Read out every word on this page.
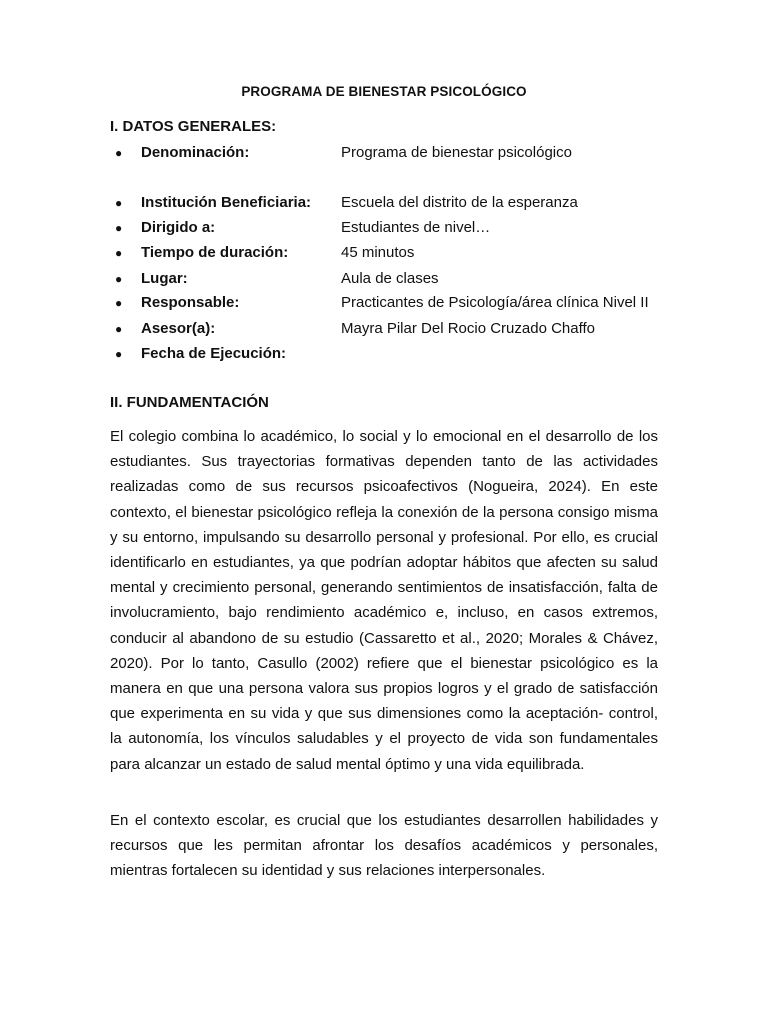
PROGRAMA DE BIENESTAR PSICOLÓGICO
I. DATOS GENERALES:
● Denominación:	Programa de bienestar psicológico
● Institución Beneficiaria: Escuela del distrito de la esperanza
● Dirigido a:	Estudiantes de nivel…
● Tiempo de duración:	45 minutos
● Lugar:	Aula de clases
● Responsable:	Practicantes de Psicología/área clínica Nivel II
● Asesor(a):	Mayra Pilar Del Rocio Cruzado Chaffo
● Fecha de Ejecución:
II. FUNDAMENTACIÓN

El colegio combina lo académico, lo social y lo emocional en el desarrollo de los estudiantes. Sus trayectorias formativas dependen tanto de las actividades realizadas como de sus recursos psicoafectivos (Nogueira, 2024). En este contexto, el bienestar psicológico refleja la conexión de la persona consigo misma y su entorno, impulsando su desarrollo personal y profesional. Por ello, es crucial identificarlo en estudiantes, ya que podrían adoptar hábitos que afecten su salud mental y crecimiento personal, generando sentimientos de insatisfacción, falta de involucramiento, bajo rendimiento académico e, incluso, en casos extremos, conducir al abandono de su estudio (Cassaretto et al., 2020; Morales & Chávez, 2020). Por lo tanto, Casullo (2002) refiere que el bienestar psicológico es la manera en que una persona valora sus propios logros y el grado de satisfacción que experimenta en su vida y que sus dimensiones como la aceptación- control, la autonomía, los vínculos saludables y el proyecto de vida son fundamentales para alcanzar un estado de salud mental óptimo y una vida equilibrada.

En el contexto escolar, es crucial que los estudiantes desarrollen habilidades y recursos que les permitan afrontar los desafíos académicos y personales, mientras fortalecen su identidad y sus relaciones interpersonales.
